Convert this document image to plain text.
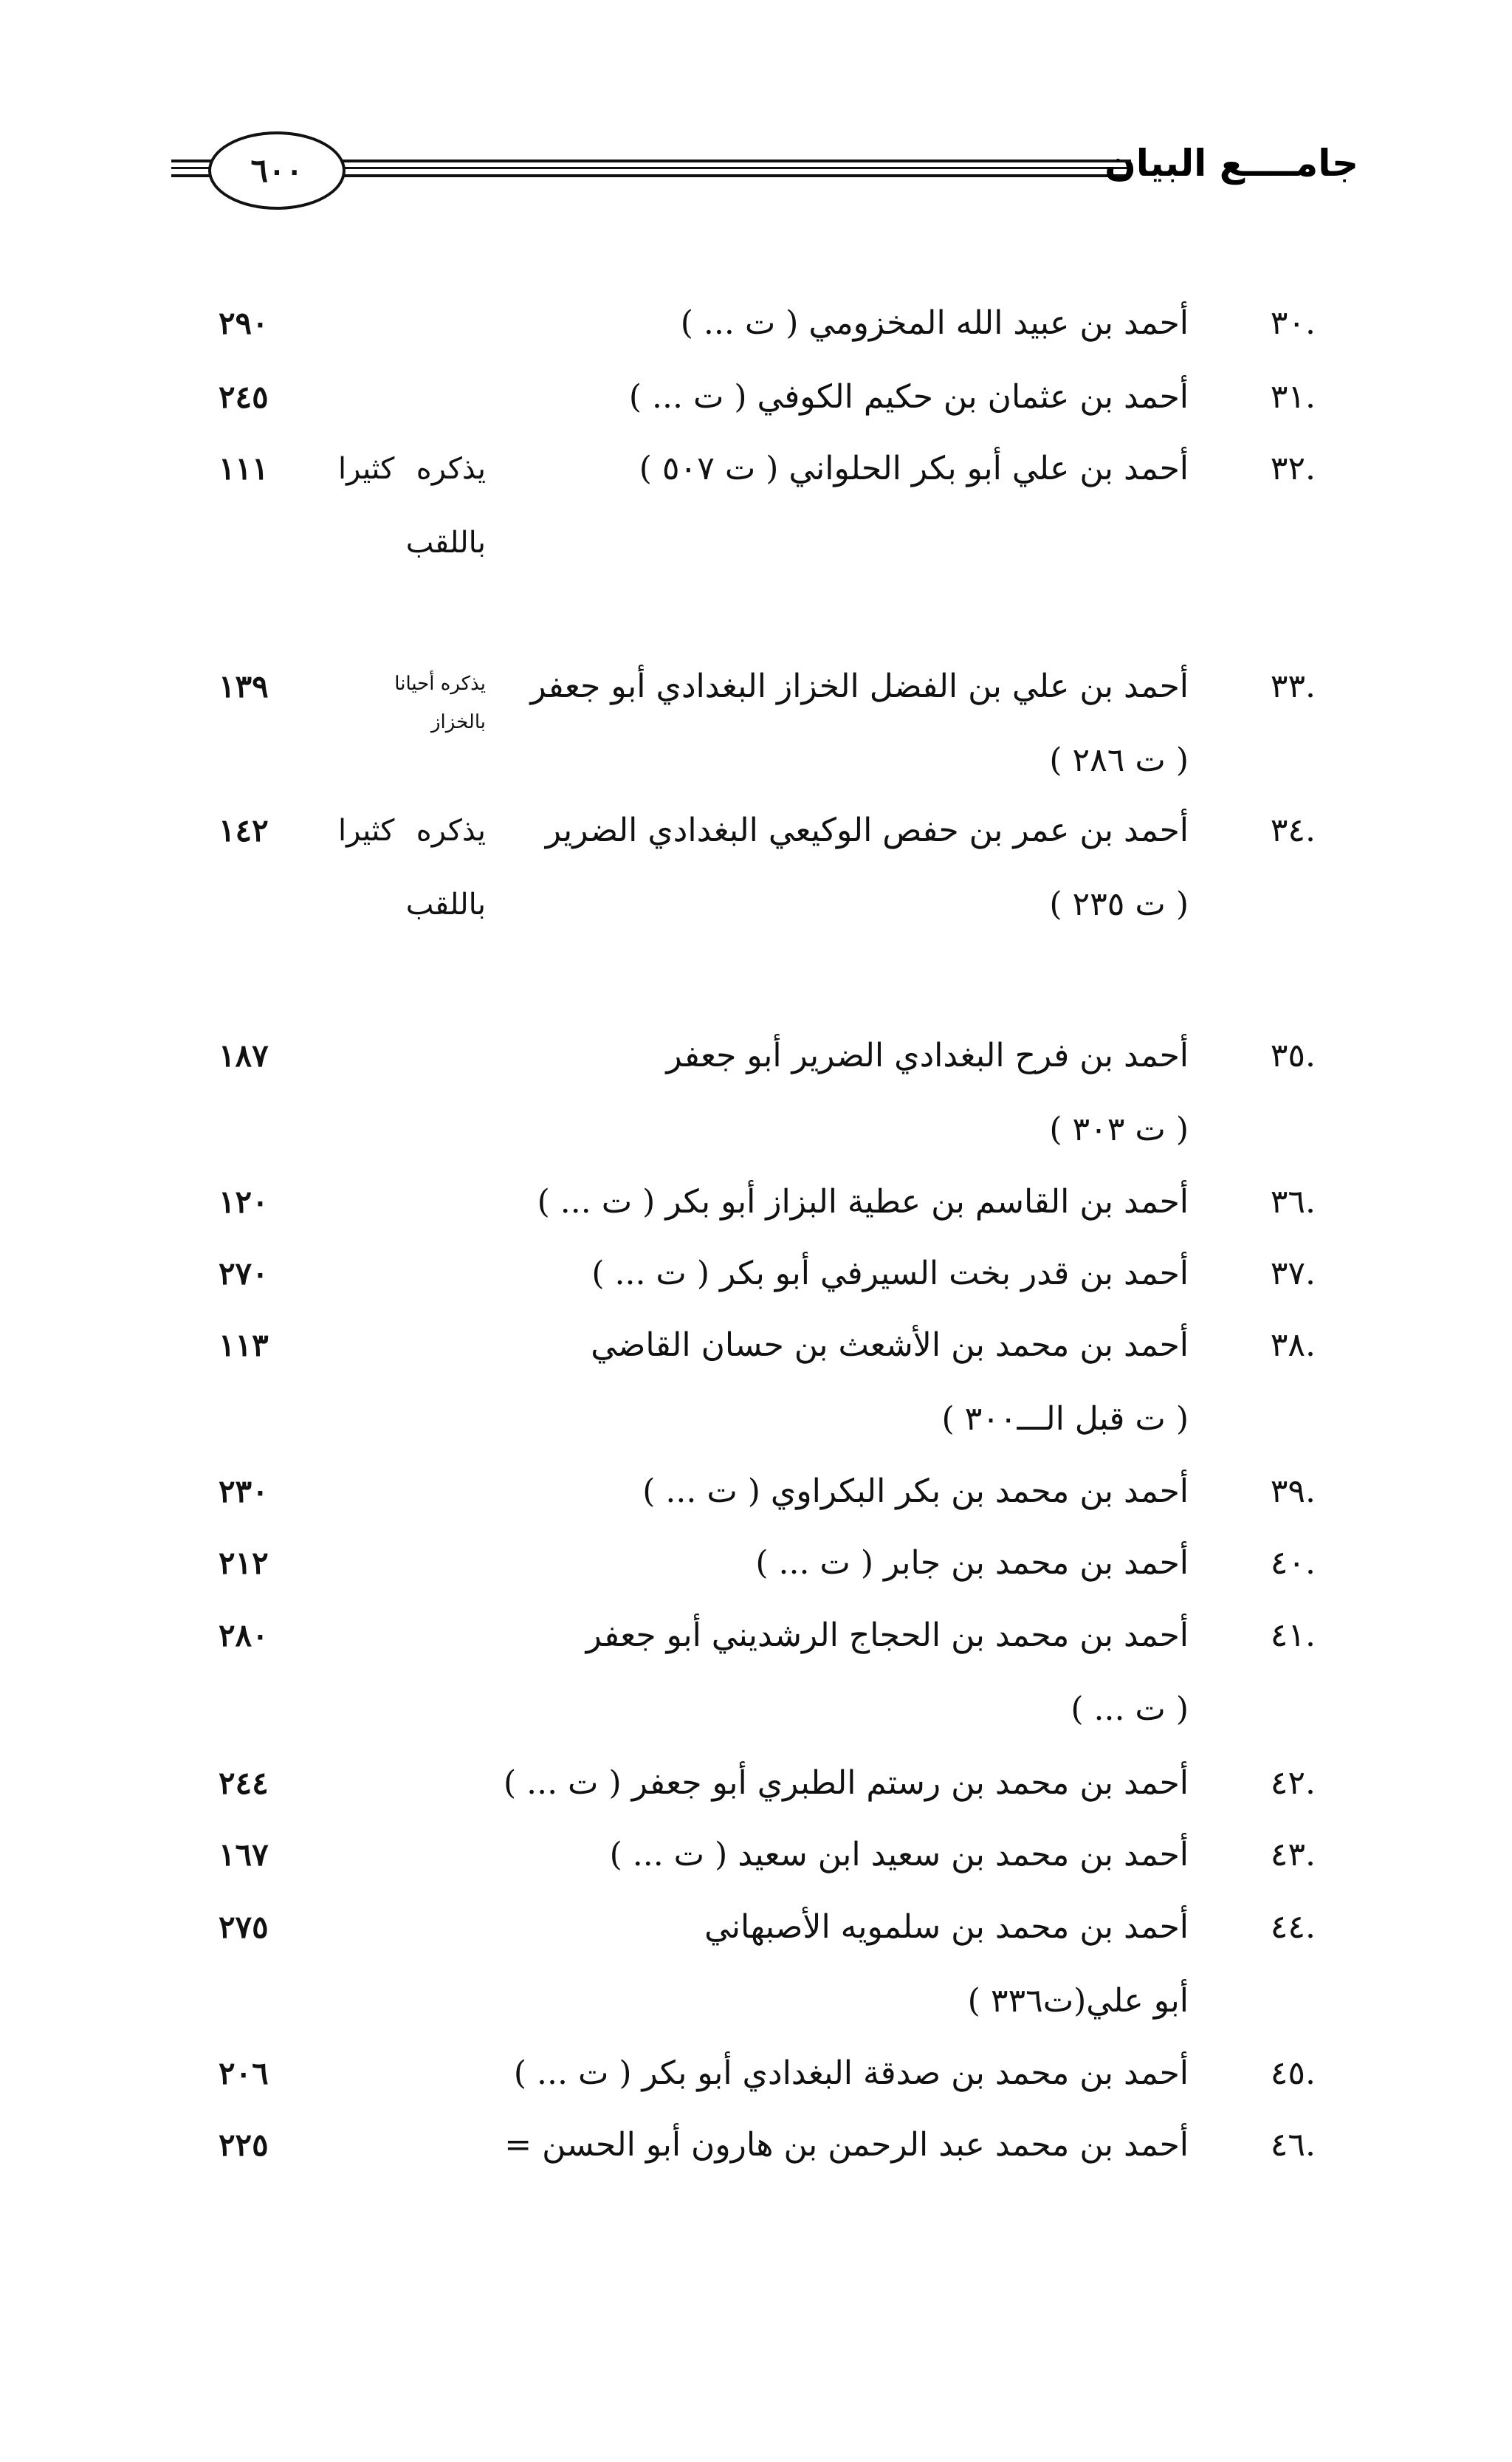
جامــــع البيان
٦٠٠
.٣٠
أحمد بن عبيد الله المخزومي ( ت ... )
٢٩٠
.٣١
أحمد بن عثمان بن حكيم الكوفي ( ت ... )
٢٤٥
.٣٢
أحمد بن علي أبو بكر الحلواني ( ت ٥٠٧ )
يذكره كثيرا باللقب
١١١
.٣٣
أحمد بن علي بن الفضل الخزاز البغدادي أبو جعفر
( ت ٢٨٦ )
يذكره أحيانا بالخزاز
١٣٩
.٣٤
أحمد بن عمر بن حفص الوكيعي البغدادي الضرير
( ت ٢٣٥ )
يذكره كثيرا باللقب
١٤٢
.٣٥
أحمد بن فرح البغدادي الضرير أبو جعفر
( ت ٣٠٣ )
١٨٧
.٣٦
أحمد بن القاسم بن عطية البزاز أبو بكر ( ت ... )
١٢٠
.٣٧
أحمد بن قدر بخت السيرفي أبو بكر ( ت ... )
٢٧٠
.٣٨
أحمد بن محمد بن الأشعث بن حسان القاضي
( ت قبل الـــ٣٠٠ )
١١٣
.٣٩
أحمد بن محمد بن بكر البكراوي ( ت ... )
٢٣٠
.٤٠
أحمد بن محمد بن جابر ( ت ... )
٢١٢
.٤١
أحمد بن محمد بن الحجاج الرشديني أبو جعفر
( ت ... )
٢٨٠
.٤٢
أحمد بن محمد بن رستم الطبري أبو جعفر ( ت ... )
٢٤٤
.٤٣
أحمد بن محمد بن سعيد ابن سعيد ( ت ... )
١٦٧
.٤٤
أحمد بن محمد بن سلمويه الأصبهاني
أبو علي(ت٣٣٦ )
٢٧٥
.٤٥
أحمد بن محمد بن صدقة البغدادي أبو بكر ( ت ... )
٢٠٦
.٤٦
أحمد بن محمد عبد الرحمن بن هارون أبو الحسن =
٢٢٥
